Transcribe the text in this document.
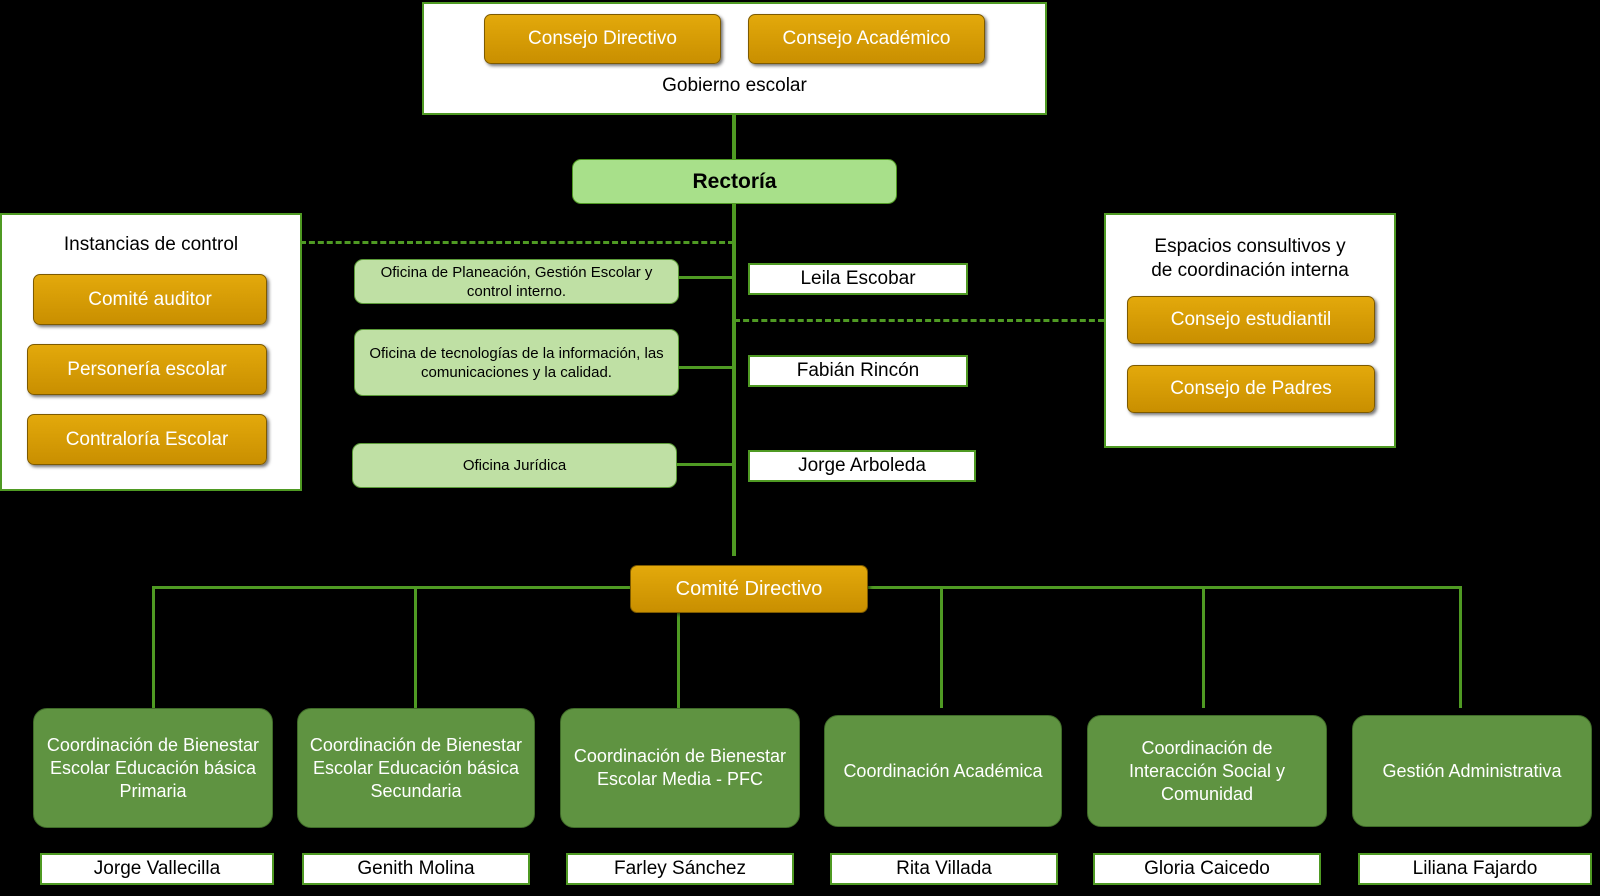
Gobierno escolar
Consejo Directivo	Consejo Académico
Rectoría
Instancias de control
Comité auditor
Personería escolar
Contraloría Escolar
Espacios consultivos y
de coordinación interna
Consejo estudiantil
Consejo de Padres
Oficina de Planeación, Gestión Escolar y control interno.
Leila Escobar
Oficina de tecnologías de la información, las comunicaciones y la calidad.	Fabián Rincón
Oficina Jurídica	Jorge Arboleda
Comité Directivo
Coordinación de Bienestar Escolar Educación básica Primaria
Jorge Vallecilla
Coordinación de Bienestar Escolar Educación básica Secundaria
Genith Molina
Coordinación de Bienestar Escolar Media - PFC
Farley Sánchez
Coordinación Académica
Rita Villada
Coordinación de Interacción Social y Comunidad
Gloria Caicedo
Gestión Administrativa
Liliana Fajardo
